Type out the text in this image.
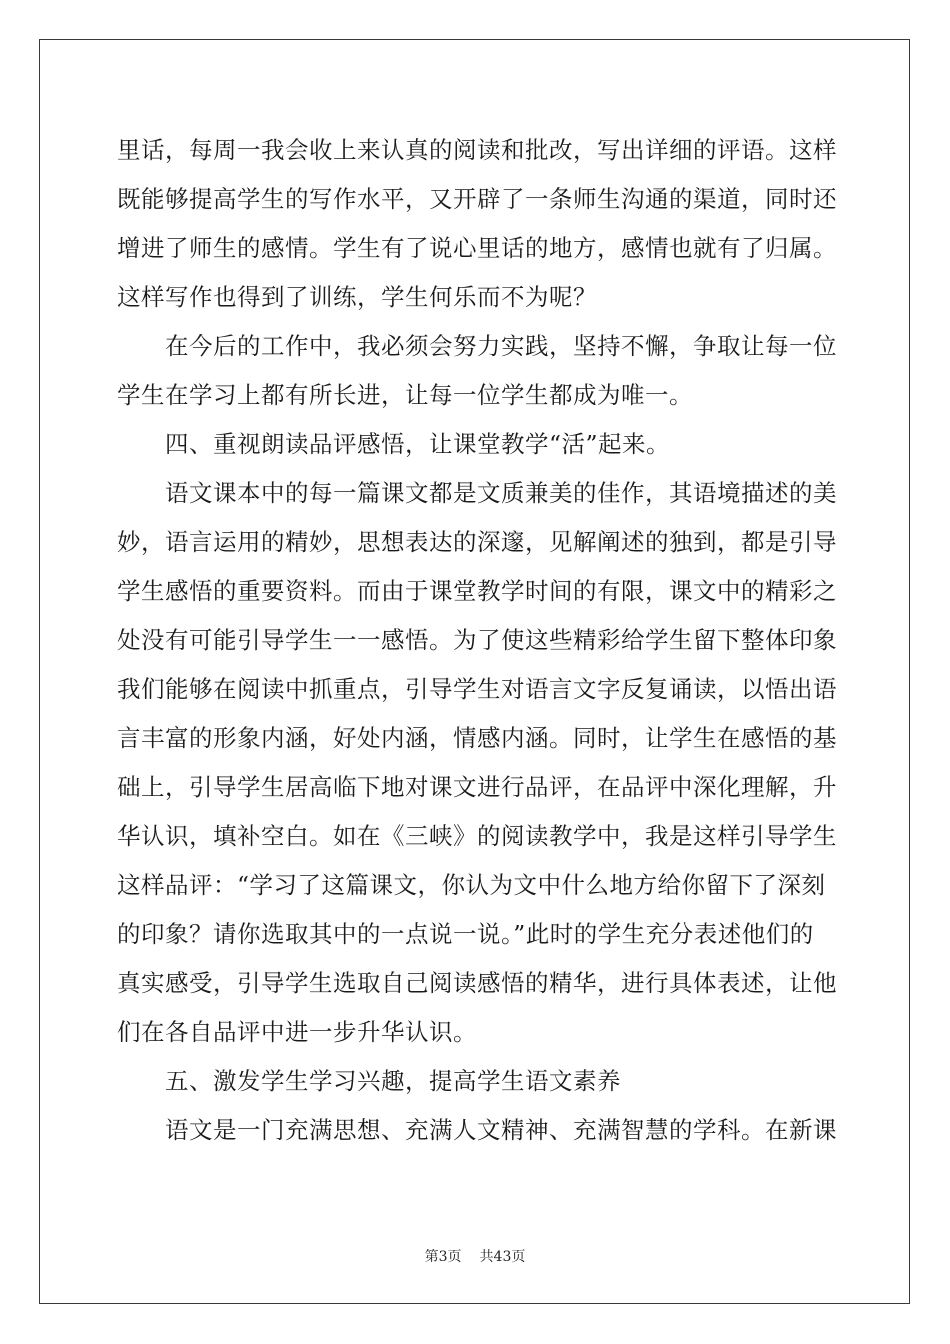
里话，每周一我会收上来认真的阅读和批改，写出详细的评语。这样
既能够提高学生的写作水平，又开辟了一条师生沟通的渠道，同时还
增进了师生的感情。学生有了说心里话的地方，感情也就有了归属。
这样写作也得到了训练，学生何乐而不为呢？
在今后的工作中，我必须会努力实践，坚持不懈，争取让每一位
学生在学习上都有所长进，让每一位学生都成为唯一。
四、重视朗读品评感悟，让课堂教学“活”起来。
语文课本中的每一篇课文都是文质兼美的佳作，其语境描述的美
妙，语言运用的精妙，思想表达的深邃，见解阐述的独到，都是引导
学生感悟的重要资料。而由于课堂教学时间的有限，课文中的精彩之
处没有可能引导学生一一感悟。为了使这些精彩给学生留下整体印象
我们能够在阅读中抓重点，引导学生对语言文字反复诵读，以悟出语
言丰富的形象内涵，好处内涵，情感内涵。同时，让学生在感悟的基
础上，引导学生居高临下地对课文进行品评，在品评中深化理解，升
华认识，填补空白。如在《三峡》的阅读教学中，我是这样引导学生
这样品评：“学习了这篇课文，你认为文中什么地方给你留下了深刻
的印象？请你选取其中的一点说一说。”此时的学生充分表述他们的
真实感受，引导学生选取自己阅读感悟的精华，进行具体表述，让他
们在各自品评中进一步升华认识。
五、激发学生学习兴趣，提高学生语文素养
语文是一门充满思想、充满人文精神、充满智慧的学科。在新课
第3页 共43页
